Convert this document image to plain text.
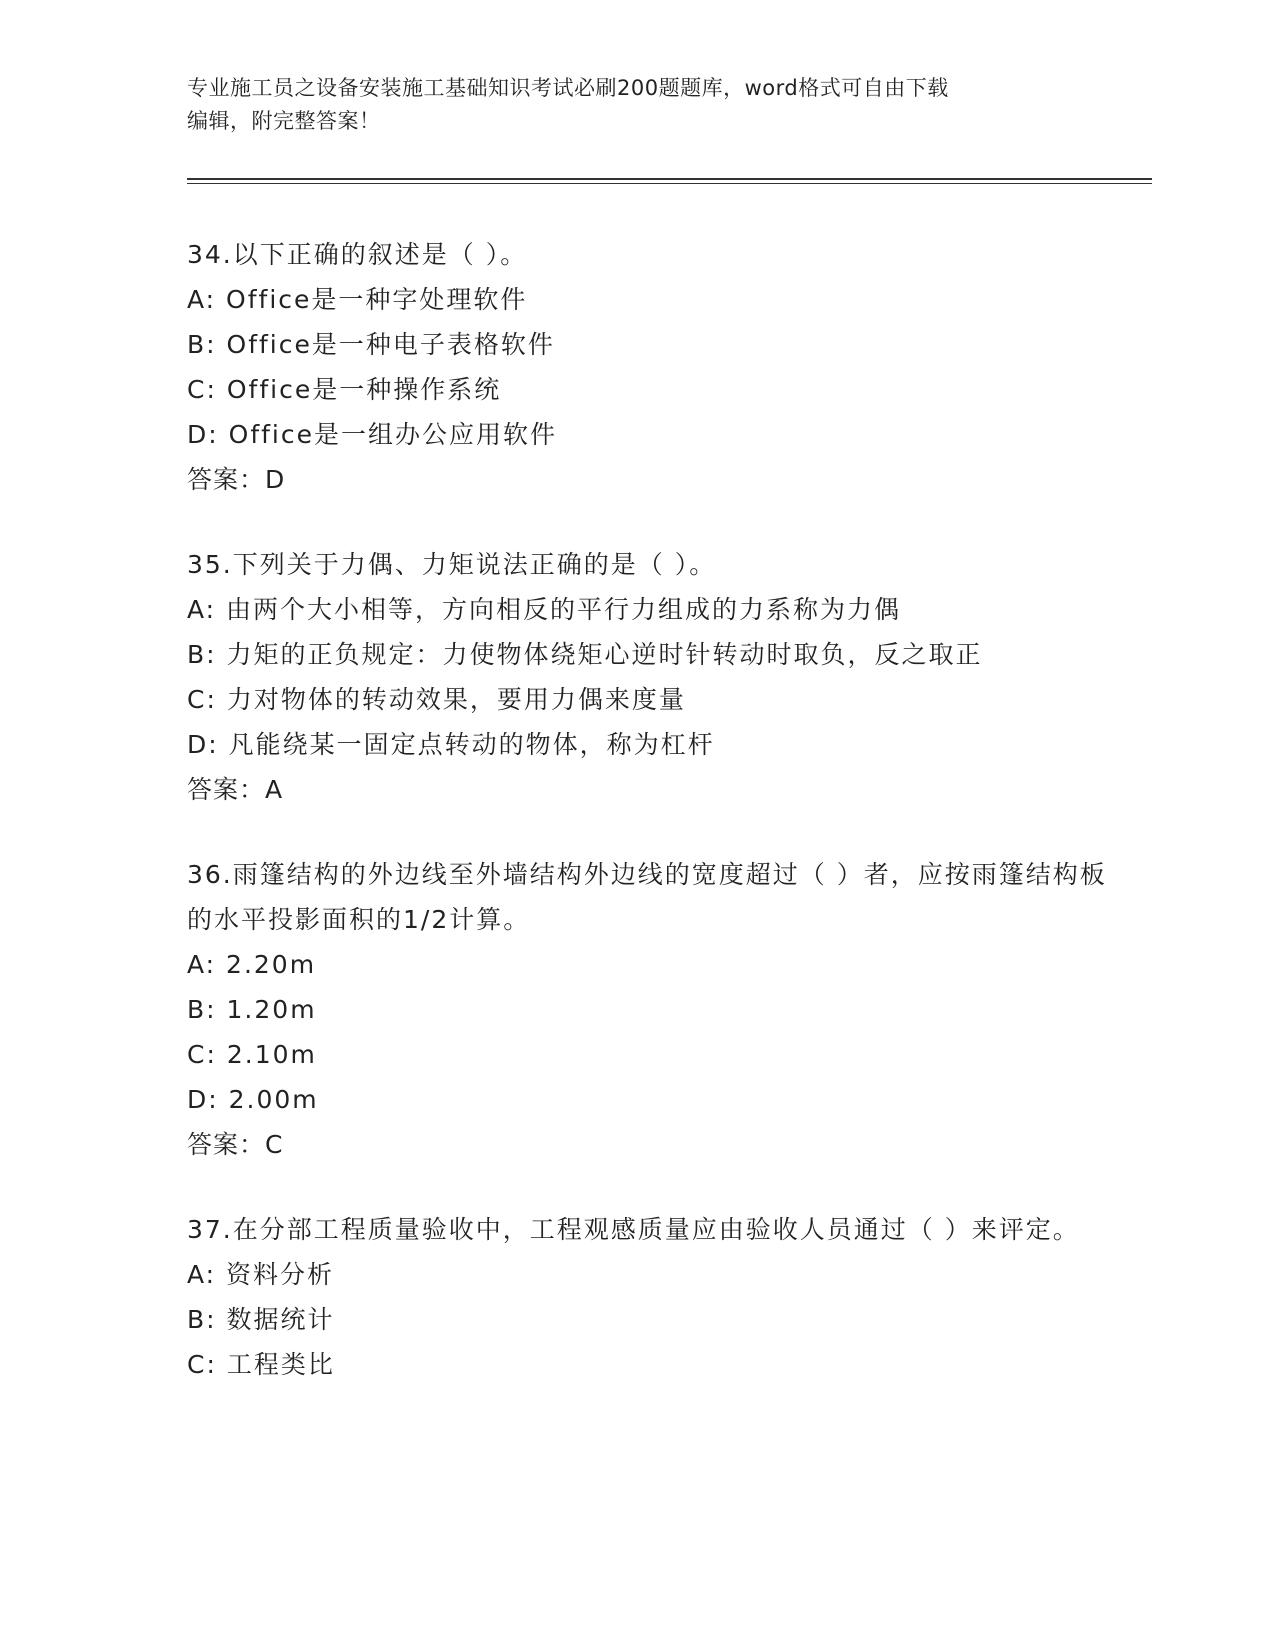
专业施工员之设备安装施工基础知识考试必刷200题题库，word格式可自由下载
编辑，附完整答案！
34.以下正确的叙述是（ ）。
A: Office是一种字处理软件
B: Office是一种电子表格软件
C: Office是一种操作系统
D: Office是一组办公应用软件
答案：D
35.下列关于力偶、力矩说法正确的是（ ）。
A: 由两个大小相等，方向相反的平行力组成的力系称为力偶
B: 力矩的正负规定：力使物体绕矩心逆时针转动时取负，反之取正
C: 力对物体的转动效果，要用力偶来度量
D: 凡能绕某一固定点转动的物体，称为杠杆
答案：A
36.雨篷结构的外边线至外墙结构外边线的宽度超过（ ）者，应按雨篷结构板的水平投影面积的1/2计算。
A: 2.20m
B: 1.20m
C: 2.10m
D: 2.00m
答案：C
37.在分部工程质量验收中，工程观感质量应由验收人员通过（ ）来评定。
A: 资料分析
B: 数据统计
C: 工程类比
